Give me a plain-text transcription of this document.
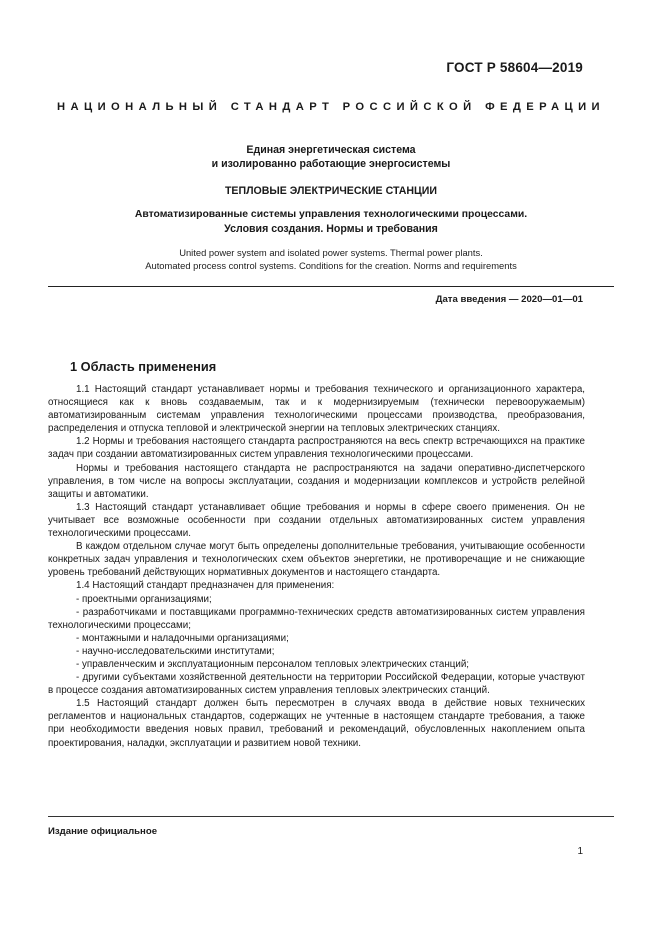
ГОСТ Р 58604—2019
НАЦИОНАЛЬНЫЙ СТАНДАРТ РОССИЙСКОЙ ФЕДЕРАЦИИ

Единая энергетическая система

и изолированно работающие энергосистемы

ТЕПЛОВЫЕ ЭЛЕКТРИЧЕСКИЕ СТАНЦИИ

Автоматизированные системы управления технологическими процессами.

Условия создания. Нормы и требования

United power system and isolated power systems. Thermal power plants.

Automated process control systems. Conditions for the creation. Norms and requirements

Дата введения — 2020—01—01
1 Область применения

1.1 Настоящий стандарт устанавливает нормы и требования технического и организационного характера, относящиеся как к вновь создаваемым, так и к модернизируемым (технически перевооружаемым) автоматизированным системам управления технологическими процессами производства, преобразования, распределения и отпуска тепловой и электрической энергии на тепловых электрических станциях.

1.2 Нормы и требования настоящего стандарта распространяются на весь спектр встречающихся на практике задач при создании автоматизированных систем управления технологическими процессами.

Нормы и требования настоящего стандарта не распространяются на задачи оперативно-диспетчерского управления, в том числе на вопросы эксплуатации, создания и модернизации комплексов и устройств релейной защиты и автоматики.

1.3 Настоящий стандарт устанавливает общие требования и нормы в сфере своего применения. Он не учитывает все возможные особенности при создании отдельных автоматизированных систем управления технологическими процессами.

В каждом отдельном случае могут быть определены дополнительные требования, учитывающие особенности конкретных задач управления и технологических схем объектов энергетики, не противоречащие и не снижающие уровень требований действующих нормативных документов и настоящего стандарта.

1.4 Настоящий стандарт предназначен для применения:

- проектными организациями;

- разработчиками и поставщиками программно-технических средств автоматизированных систем управления технологическими процессами;

- монтажными и наладочными организациями;

- научно-исследовательскими институтами;

- управленческим и эксплуатационным персоналом тепловых электрических станций;

- другими субъектами хозяйственной деятельности на территории Российской Федерации, которые участвуют в процессе создания автоматизированных систем управления тепловых электрических станций.

1.5 Настоящий стандарт должен быть пересмотрен в случаях ввода в действие новых технических регламентов и национальных стандартов, содержащих не учтенные в настоящем стандарте требования, а также при необходимости введения новых правил, требований и рекомендаций, обусловленных накоплением опыта проектирования, наладки, эксплуатации и развитием новой техники.

Издание официальное
1
